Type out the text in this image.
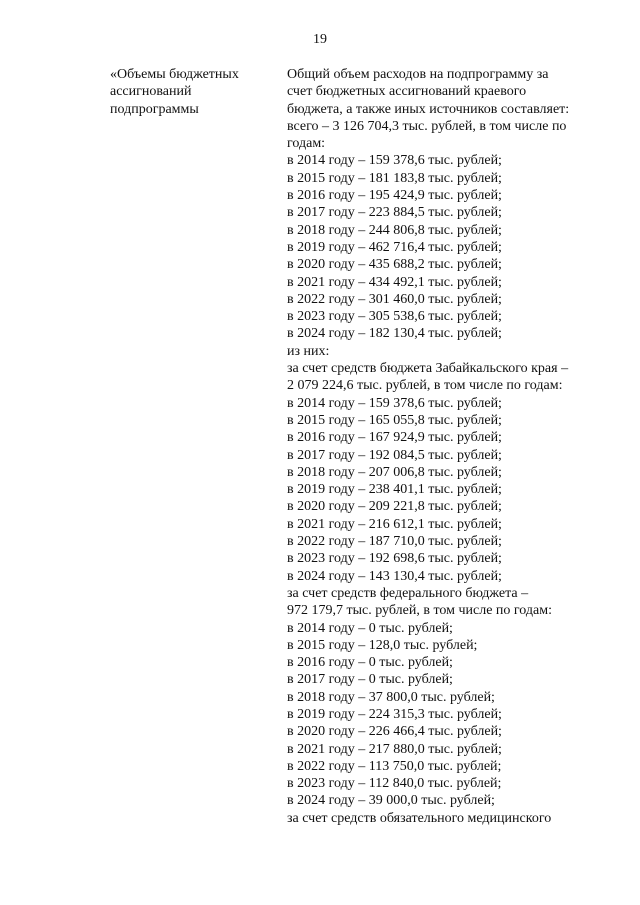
19
«Объемы бюджетных
ассигнований
подпрограммы
Общий объем расходов на подпрограмму за
счет бюджетных ассигнований краевого
бюджета, а также иных источников составляет:
всего – 3 126 704,3 тыс. рублей, в том числе по
годам:
в 2014 году – 159 378,6 тыс. рублей;
в 2015 году – 181 183,8 тыс. рублей;
в 2016 году – 195 424,9 тыс. рублей;
в 2017 году – 223 884,5 тыс. рублей;
в 2018 году – 244 806,8 тыс. рублей;
в 2019 году – 462 716,4 тыс. рублей;
в 2020 году – 435 688,2 тыс. рублей;
в 2021 году – 434 492,1 тыс. рублей;
в 2022 году – 301 460,0 тыс. рублей;
в 2023 году – 305 538,6 тыс. рублей;
в 2024 году – 182 130,4 тыс. рублей;
из них:
за счет средств бюджета Забайкальского края –
2 079 224,6 тыс. рублей, в том числе по годам:
в 2014 году – 159 378,6 тыс. рублей;
в 2015 году – 165 055,8 тыс. рублей;
в 2016 году – 167 924,9 тыс. рублей;
в 2017 году – 192 084,5 тыс. рублей;
в 2018 году – 207 006,8 тыс. рублей;
в 2019 году – 238 401,1 тыс. рублей;
в 2020 году – 209 221,8 тыс. рублей;
в 2021 году – 216 612,1 тыс. рублей;
в 2022 году – 187 710,0 тыс. рублей;
в 2023 году – 192 698,6 тыс. рублей;
в 2024 году – 143 130,4 тыс. рублей;
за счет средств федерального бюджета –
972 179,7 тыс. рублей, в том числе по годам:
в 2014 году – 0 тыс. рублей;
в 2015 году – 128,0 тыс. рублей;
в 2016 году – 0 тыс. рублей;
в 2017 году – 0 тыс. рублей;
в 2018 году – 37 800,0 тыс. рублей;
в 2019 году – 224 315,3 тыс. рублей;
в 2020 году – 226 466,4 тыс. рублей;
в 2021 году – 217 880,0 тыс. рублей;
в 2022 году – 113 750,0 тыс. рублей;
в 2023 году – 112 840,0 тыс. рублей;
в 2024 году – 39 000,0 тыс. рублей;
за счет средств обязательного медицинского
